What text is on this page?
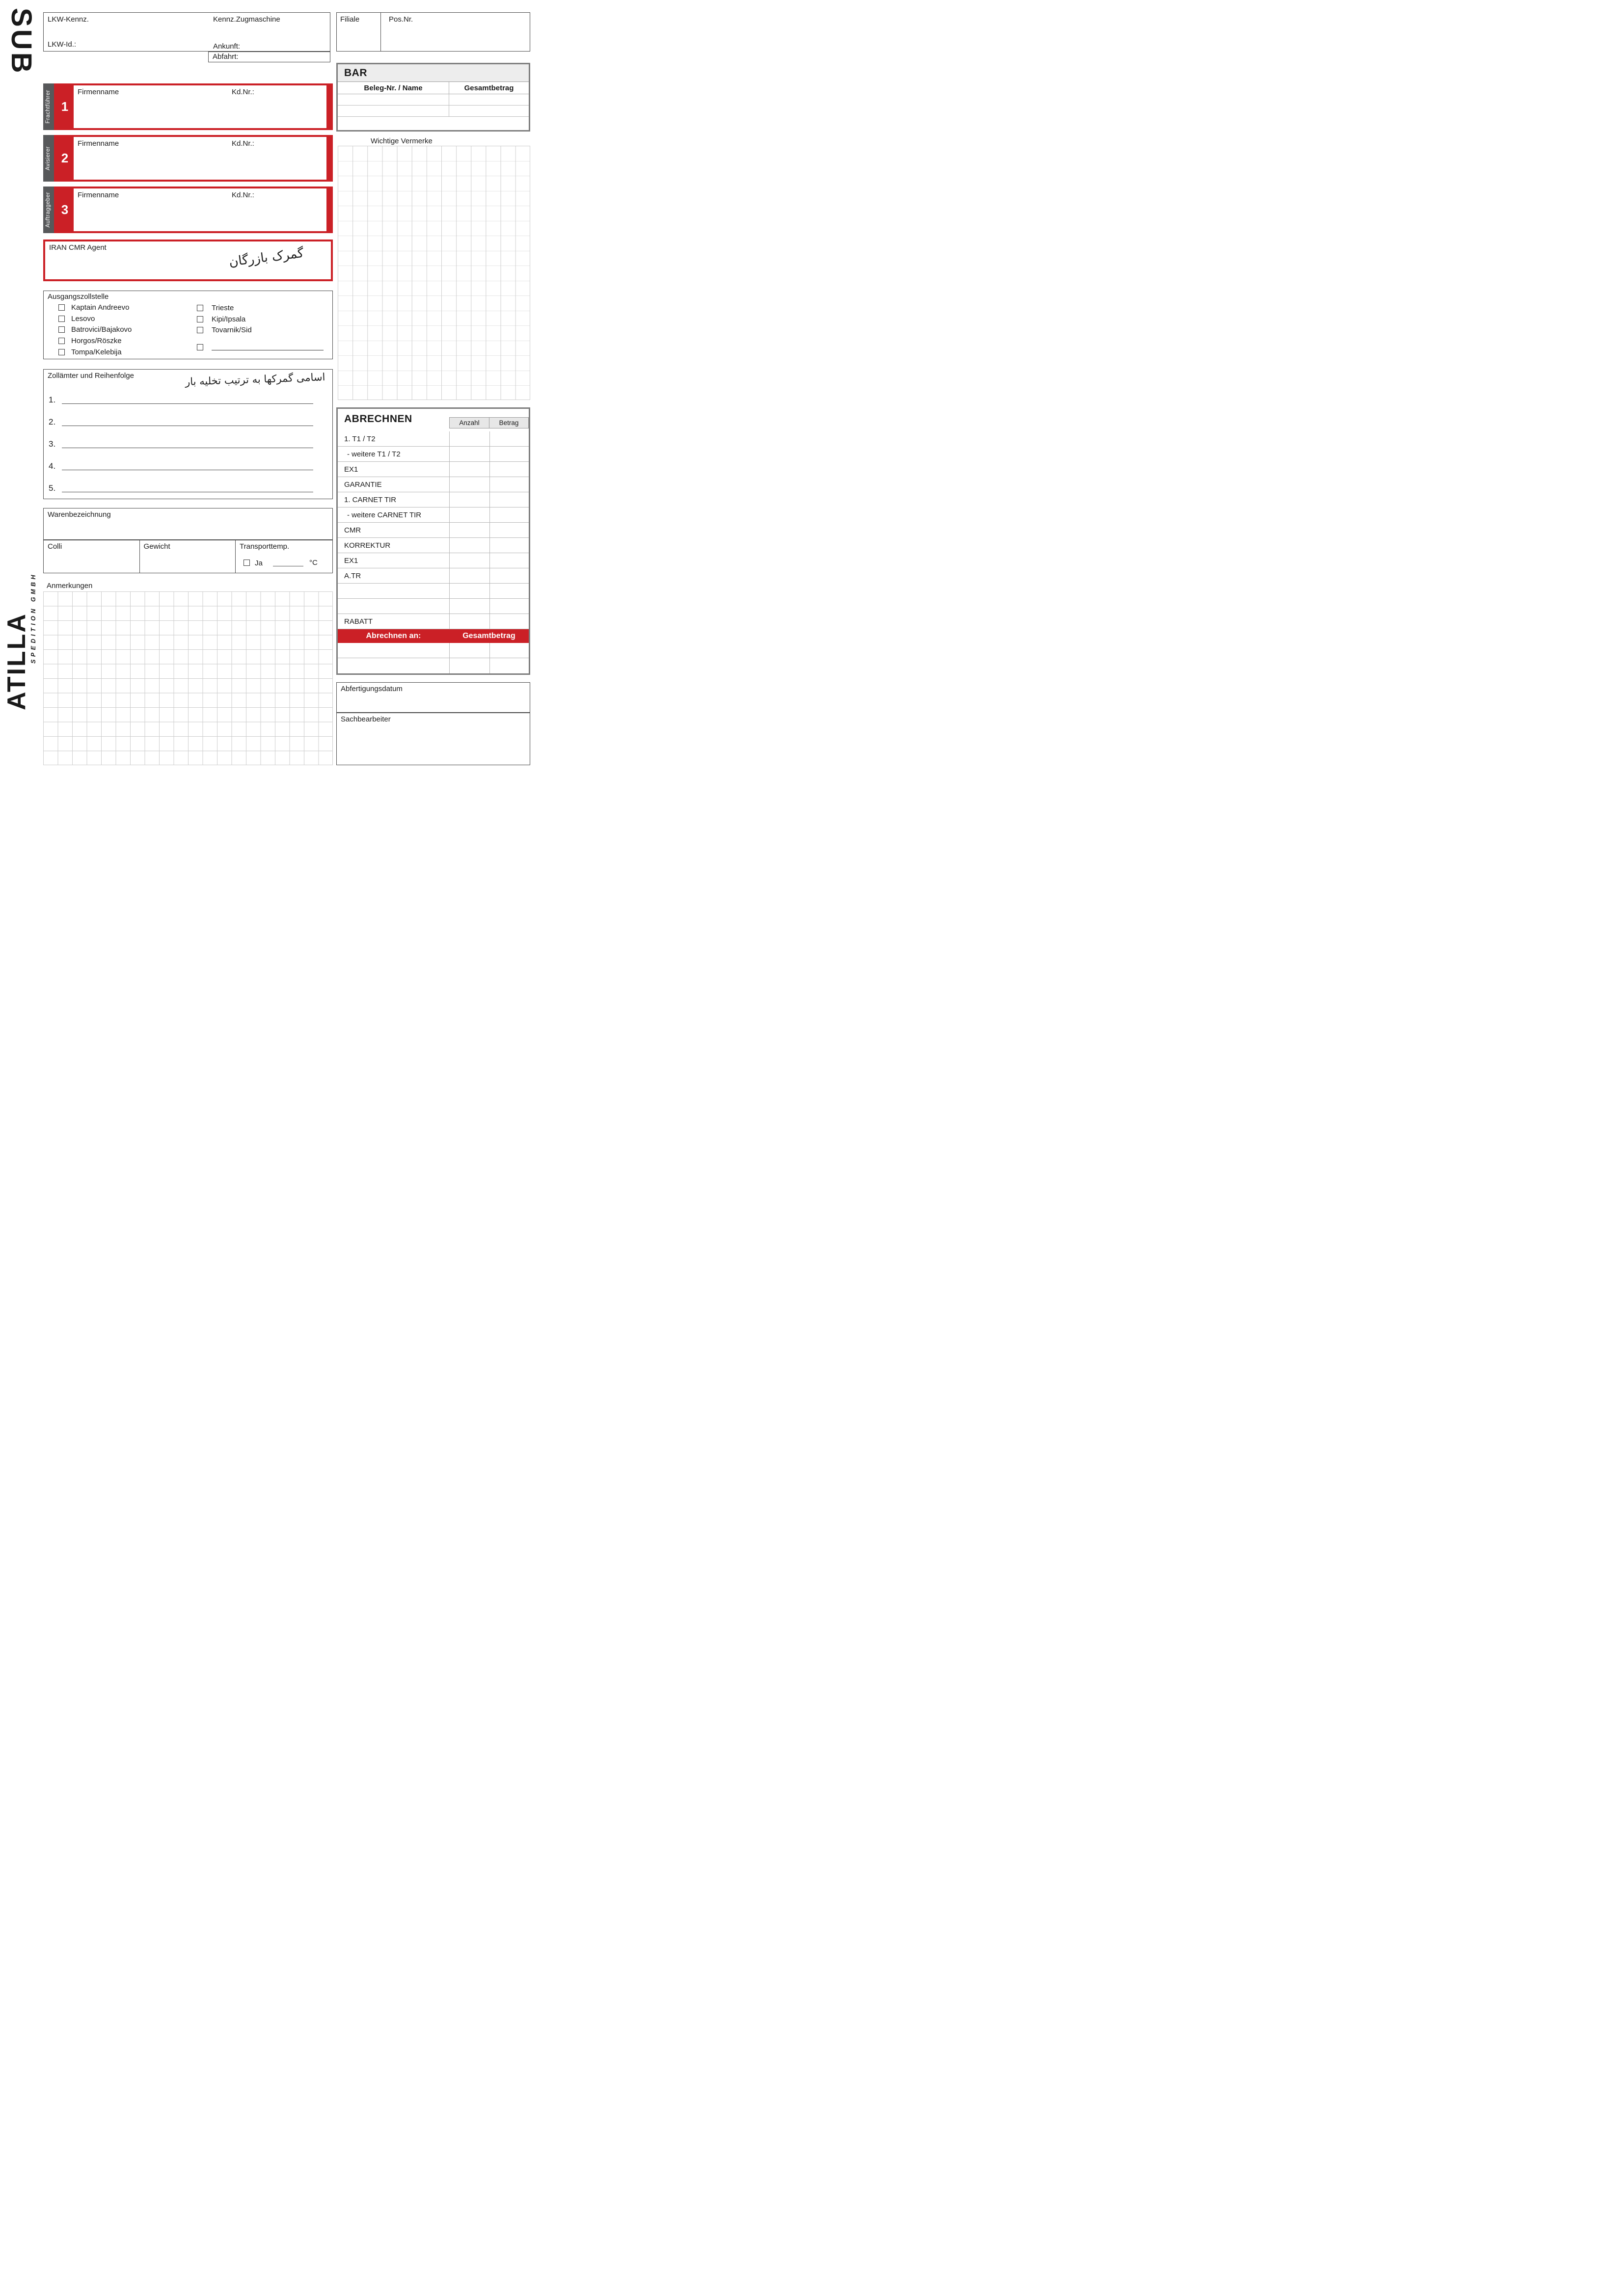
SUB LKW-Kennz.	Kennz.Zugmaschine
LKW-Id.:	Ankunft:
Abfahrt:
Filiale	Pos.Nr.
BAR
Beleg-Nr. / Name	Gesamtbetrag
Frachtführer 1
Firmenname	Kd.Nr.:
Avisierer 2
Firmenname	Kd.Nr.:
Auftraggeber 3
Firmenname	Kd.Nr.:
IRAN CMR Agent	گمرک بازرگان
Ausgangszollstelle
Kaptain Andreevo
Lesovo
Batrovici/Bajakovo
Horgos/Röszke
Tompa/Kelebija
Trieste
Kipi/Ipsala
Tovarnik/Sid
Zollämter und Reihenfolge	اسامی گمرکها به ترتیب تخلیه بار
1.
2.
3.
4.
5.
Warenbezeichnung
Colli	Gewicht	Transporttemp.
Ja	°C
Anmerkungen
Wichtige Vermerke
ABRECHNEN	Anzahl	Betrag
1. T1 / T2
- weitere T1 / T2
EX1
GARANTIE
1. CARNET TIR
- weitere CARNET TIR
CMR
KORREKTUR
EX1
A.TR
RABATT
Abrechnen an:	Gesamtbetrag
Abfertigungsdatum
Sachbearbeiter
SPEDITION GMBH
ATILLA
